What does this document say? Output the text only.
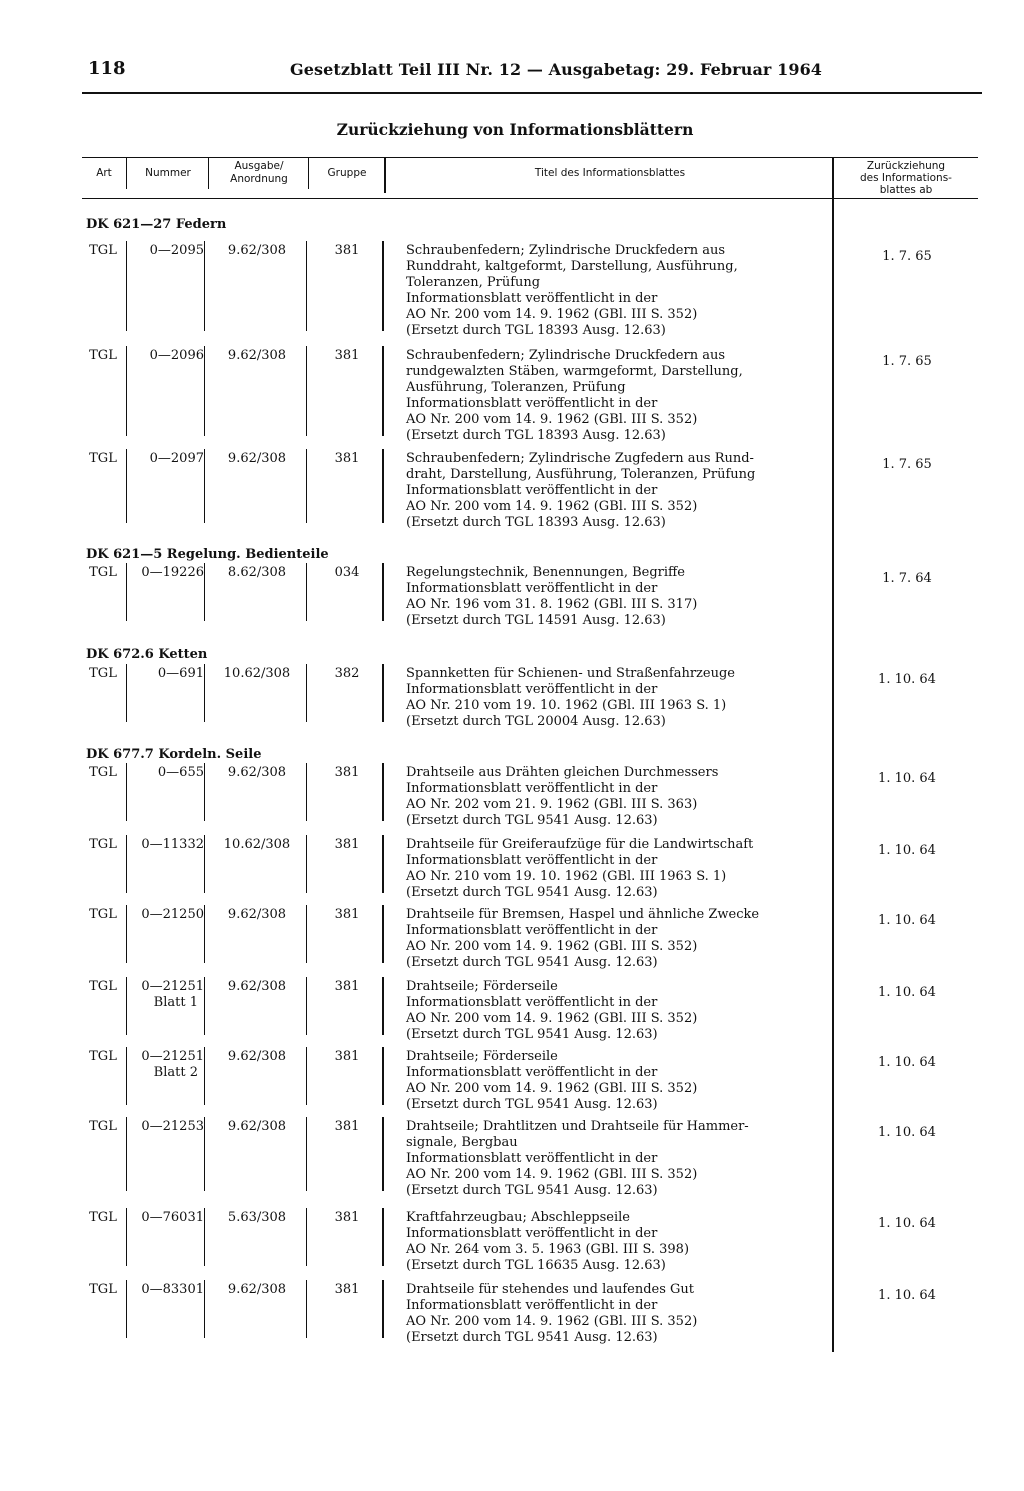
118	Gesetzblatt Teil III Nr. 12 — Ausgabetag: 29. Februar 1964
Zurückziehung von Informationsblättern
Art	Nummer
Ausgabe/
Anordnung	Gruppe	Titel des Informationsblattes
Zurückziehung
des Informations-
blattes ab
DK 621—27 Federn
TGL	0—2095	9.62/308	381	Schraubenfedern; Zylindrische Druckfedern aus
Runddraht, kaltgeformt, Darstellung, Ausführung,
Toleranzen, Prüfung
Informationsblatt veröffentlicht in der
AO Nr. 200 vom 14. 9. 1962 (GBl. III S. 352)
(Ersetzt durch TGL 18393 Ausg. 12.63)
1. 7. 65
TGL	0—2096	9.62/308	381	Schraubenfedern; Zylindrische Druckfedern aus
rundgewalzten Stäben, warmgeformt, Darstellung,
Ausführung, Toleranzen, Prüfung
Informationsblatt veröffentlicht in der
AO Nr. 200 vom 14. 9. 1962 (GBl. III S. 352)
(Ersetzt durch TGL 18393 Ausg. 12.63)
1. 7. 65
TGL	0—2097	9.62/308	381	Schraubenfedern; Zylindrische Zugfedern aus Rund-
draht, Darstellung, Ausführung, Toleranzen, Prüfung
Informationsblatt veröffentlicht in der
AO Nr. 200 vom 14. 9. 1962 (GBl. III S. 352)
(Ersetzt durch TGL 18393 Ausg. 12.63)
1. 7. 65
DK 621—5 Regelung. Bedienteile
TGL	0—19226	8.62/308	034	Regelungstechnik, Benennungen, Begriffe
Informationsblatt veröffentlicht in der
AO Nr. 196 vom 31. 8. 1962 (GBl. III S. 317)
(Ersetzt durch TGL 14591 Ausg. 12.63)
1. 7. 64
DK 672.6 Ketten
TGL	0—691	10.62/308	382	Spannketten für Schienen- und Straßenfahrzeuge
Informationsblatt veröffentlicht in der
AO Nr. 210 vom 19. 10. 1962 (GBl. III 1963 S. 1)
(Ersetzt durch TGL 20004 Ausg. 12.63)
1. 10. 64
DK 677.7 Kordeln. Seile
TGL	0—655	9.62/308	381	Drahtseile aus Drähten gleichen Durchmessers
Informationsblatt veröffentlicht in der
AO Nr. 202 vom 21. 9. 1962 (GBl. III S. 363)
(Ersetzt durch TGL 9541 Ausg. 12.63)
1. 10. 64
TGL	0—11332	10.62/308	381	Drahtseile für Greiferaufzüge für die Landwirtschaft
Informationsblatt veröffentlicht in der
AO Nr. 210 vom 19. 10. 1962 (GBl. III 1963 S. 1)
(Ersetzt durch TGL 9541 Ausg. 12.63)
1. 10. 64
TGL	0—21250	9.62/308	381	Drahtseile für Bremsen, Haspel und ähnliche Zwecke
Informationsblatt veröffentlicht in der
AO Nr. 200 vom 14. 9. 1962 (GBl. III S. 352)
(Ersetzt durch TGL 9541 Ausg. 12.63)
1. 10. 64
TGL	0—21251
Blatt 1
9.62/308	381	Drahtseile; Förderseile
Informationsblatt veröffentlicht in der
AO Nr. 200 vom 14. 9. 1962 (GBl. III S. 352)
(Ersetzt durch TGL 9541 Ausg. 12.63)
1. 10. 64
TGL	0—21251
Blatt 2
9.62/308	381	Drahtseile; Förderseile
Informationsblatt veröffentlicht in der
AO Nr. 200 vom 14. 9. 1962 (GBl. III S. 352)
(Ersetzt durch TGL 9541 Ausg. 12.63)
1. 10. 64
TGL	0—21253	9.62/308	381	Drahtseile; Drahtlitzen und Drahtseile für Hammer-
signale, Bergbau
Informationsblatt veröffentlicht in der
AO Nr. 200 vom 14. 9. 1962 (GBl. III S. 352)
(Ersetzt durch TGL 9541 Ausg. 12.63)
1. 10. 64
TGL	0—76031	5.63/308	381	Kraftfahrzeugbau; Abschleppseile
Informationsblatt veröffentlicht in der
AO Nr. 264 vom 3. 5. 1963 (GBl. III S. 398)
(Ersetzt durch TGL 16635 Ausg. 12.63)
1. 10. 64
TGL	0—83301	9.62/308	381	Drahtseile für stehendes und laufendes Gut
Informationsblatt veröffentlicht in der
AO Nr. 200 vom 14. 9. 1962 (GBl. III S. 352)
(Ersetzt durch TGL 9541 Ausg. 12.63)
1. 10. 64
